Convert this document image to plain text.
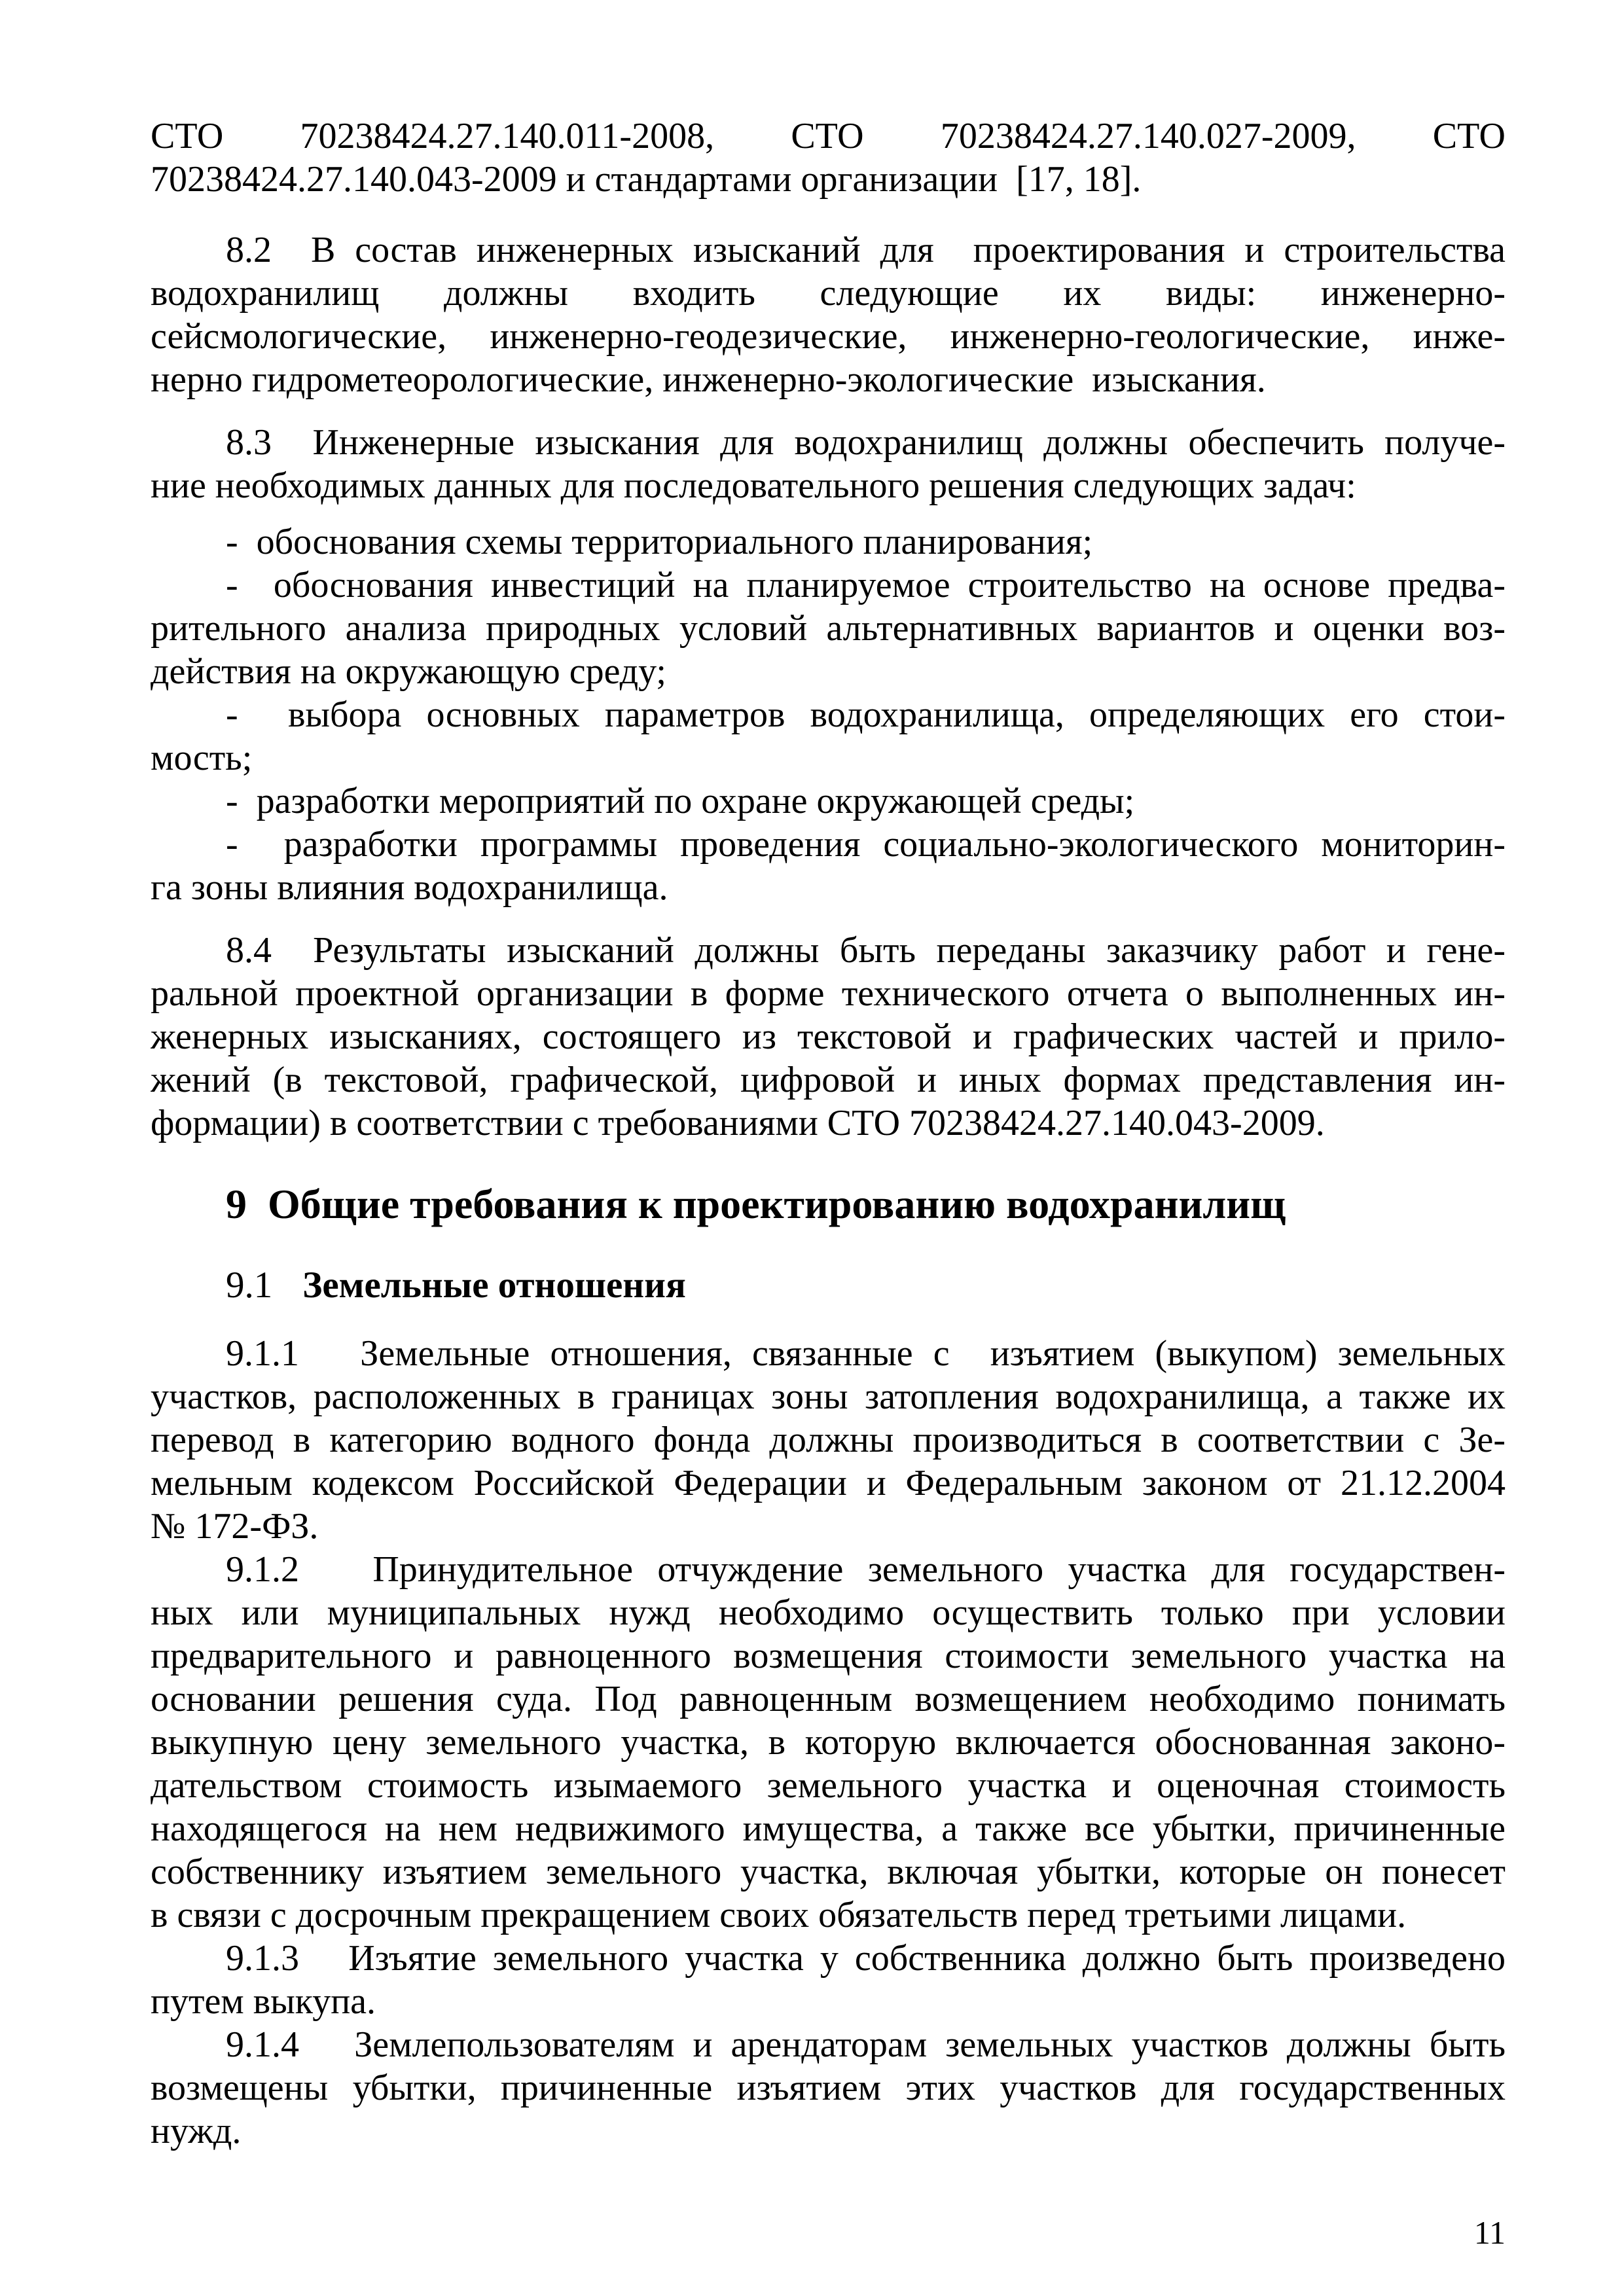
СТО 70238424.27.140.011-2008, СТО 70238424.27.140.027-2009, СТО
70238424.27.140.043-2009 и стандартами организации  [17, 18].
8.2  В состав инженерных изысканий для  проектирования и строительства
водохранилищ должны входить следующие их виды: инженерно-
сейсмологические, инженерно-геодезические, инженерно-геологические, инже-
нерно гидрометеорологические, инженерно-экологические  изыскания.
8.3  Инженерные изыскания для водохранилищ должны обеспечить получе-
ние необходимых данных для последовательного решения следующих задач:
-  обоснования схемы территориального планирования;
-  обоснования инвестиций на планируемое строительство на основе предва-
рительного анализа природных условий альтернативных вариантов и оценки воз-
действия на окружающую среду;
-  выбора основных параметров водохранилища, определяющих его стои-
мость;
-  разработки мероприятий по охране окружающей среды;
-  разработки программы проведения социально-экологического мониторин-
га зоны влияния водохранилища.
8.4  Результаты изысканий должны быть переданы заказчику работ и гене-
ральной проектной организации в форме технического отчета о выполненных ин-
женерных изысканиях, состоящего из текстовой и графических частей и прило-
жений (в текстовой, графической, цифровой и иных формах представления ин-
формации) в соответствии с требованиями СТО 70238424.27.140.043-2009.
9  Общие требования к проектированию водохранилищ
9.1 Земельные отношения
9.1.1   Земельные отношения, связанные с  изъятием (выкупом) земельных
участков, расположенных в границах зоны затопления водохранилища, а также их
перевод в категорию водного фонда должны производиться в соответствии с Зе-
мельным кодексом Российской Федерации и Федеральным законом от 21.12.2004
№ 172-ФЗ.
9.1.2   Принудительное отчуждение земельного участка для государствен-
ных или муниципальных нужд необходимо осуществить только при условии
предварительного и равноценного возмещения стоимости земельного участка на
основании решения суда. Под равноценным возмещением необходимо понимать
выкупную цену земельного участка, в которую включается обоснованная законо-
дательством стоимость изымаемого земельного участка и оценочная стоимость
находящегося на нем недвижимого имущества, а также все убытки, причиненные
собственнику изъятием земельного участка, включая убытки, которые он понесет
в связи с досрочным прекращением своих обязательств перед третьими лицами.
9.1.3   Изъятие земельного участка у собственника должно быть произведено
путем выкупа.
9.1.4   Землепользователям и арендаторам земельных участков должны быть
возмещены убытки, причиненные изъятием этих участков для государственных
нужд.
11
